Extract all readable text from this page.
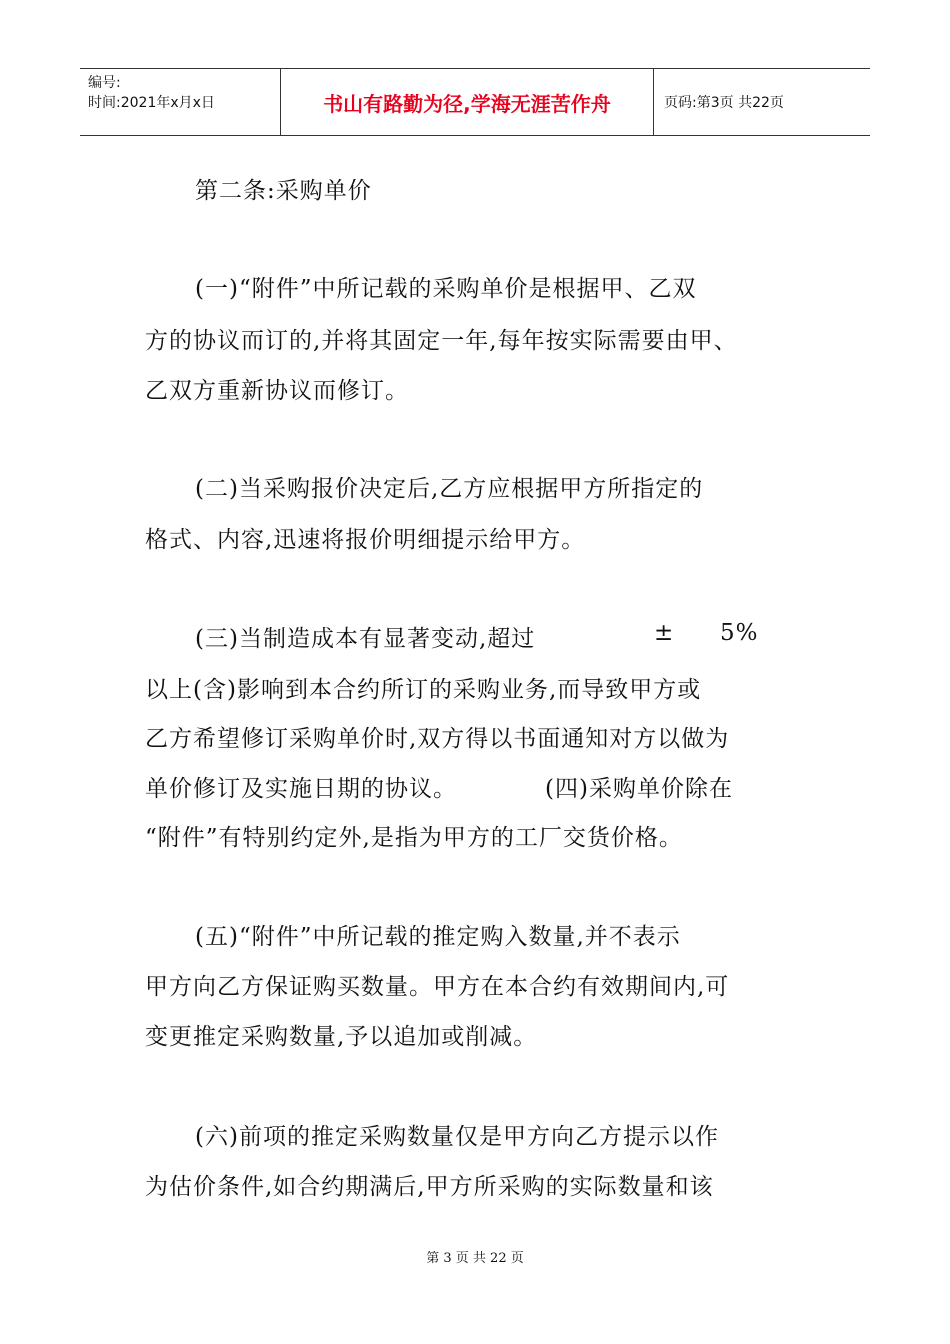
编号:
时间:2021年x月x日	书山有路勤为径,学海无涯苦作舟	页码:第3页 共22页
第二条:采购单价
(一)“附件”中所记载的采购单价是根据甲、乙双
方的协议而订的,并将其固定一年,每年按实际需要由甲、
乙双方重新协议而修订。
(二)当采购报价决定后,乙方应根据甲方所指定的
格式、内容,迅速将报价明细提示给甲方。
(三)当制造成本有显著变动,超过	± 5%
以上(含)影响到本合约所订的采购业务,而导致甲方或
乙方希望修订采购单价时,双方得以书面通知对方以做为
单价修订及实施日期的协议。	(四)采购单价除在
“附件”有特别约定外,是指为甲方的工厂交货价格。
(五)“附件”中所记载的推定购入数量,并不表示
甲方向乙方保证购买数量。甲方在本合约有效期间内,可
变更推定采购数量,予以追加或削减。
(六)前项的推定采购数量仅是甲方向乙方提示以作
为估价条件,如合约期满后,甲方所采购的实际数量和该
第 3 页 共 22 页
